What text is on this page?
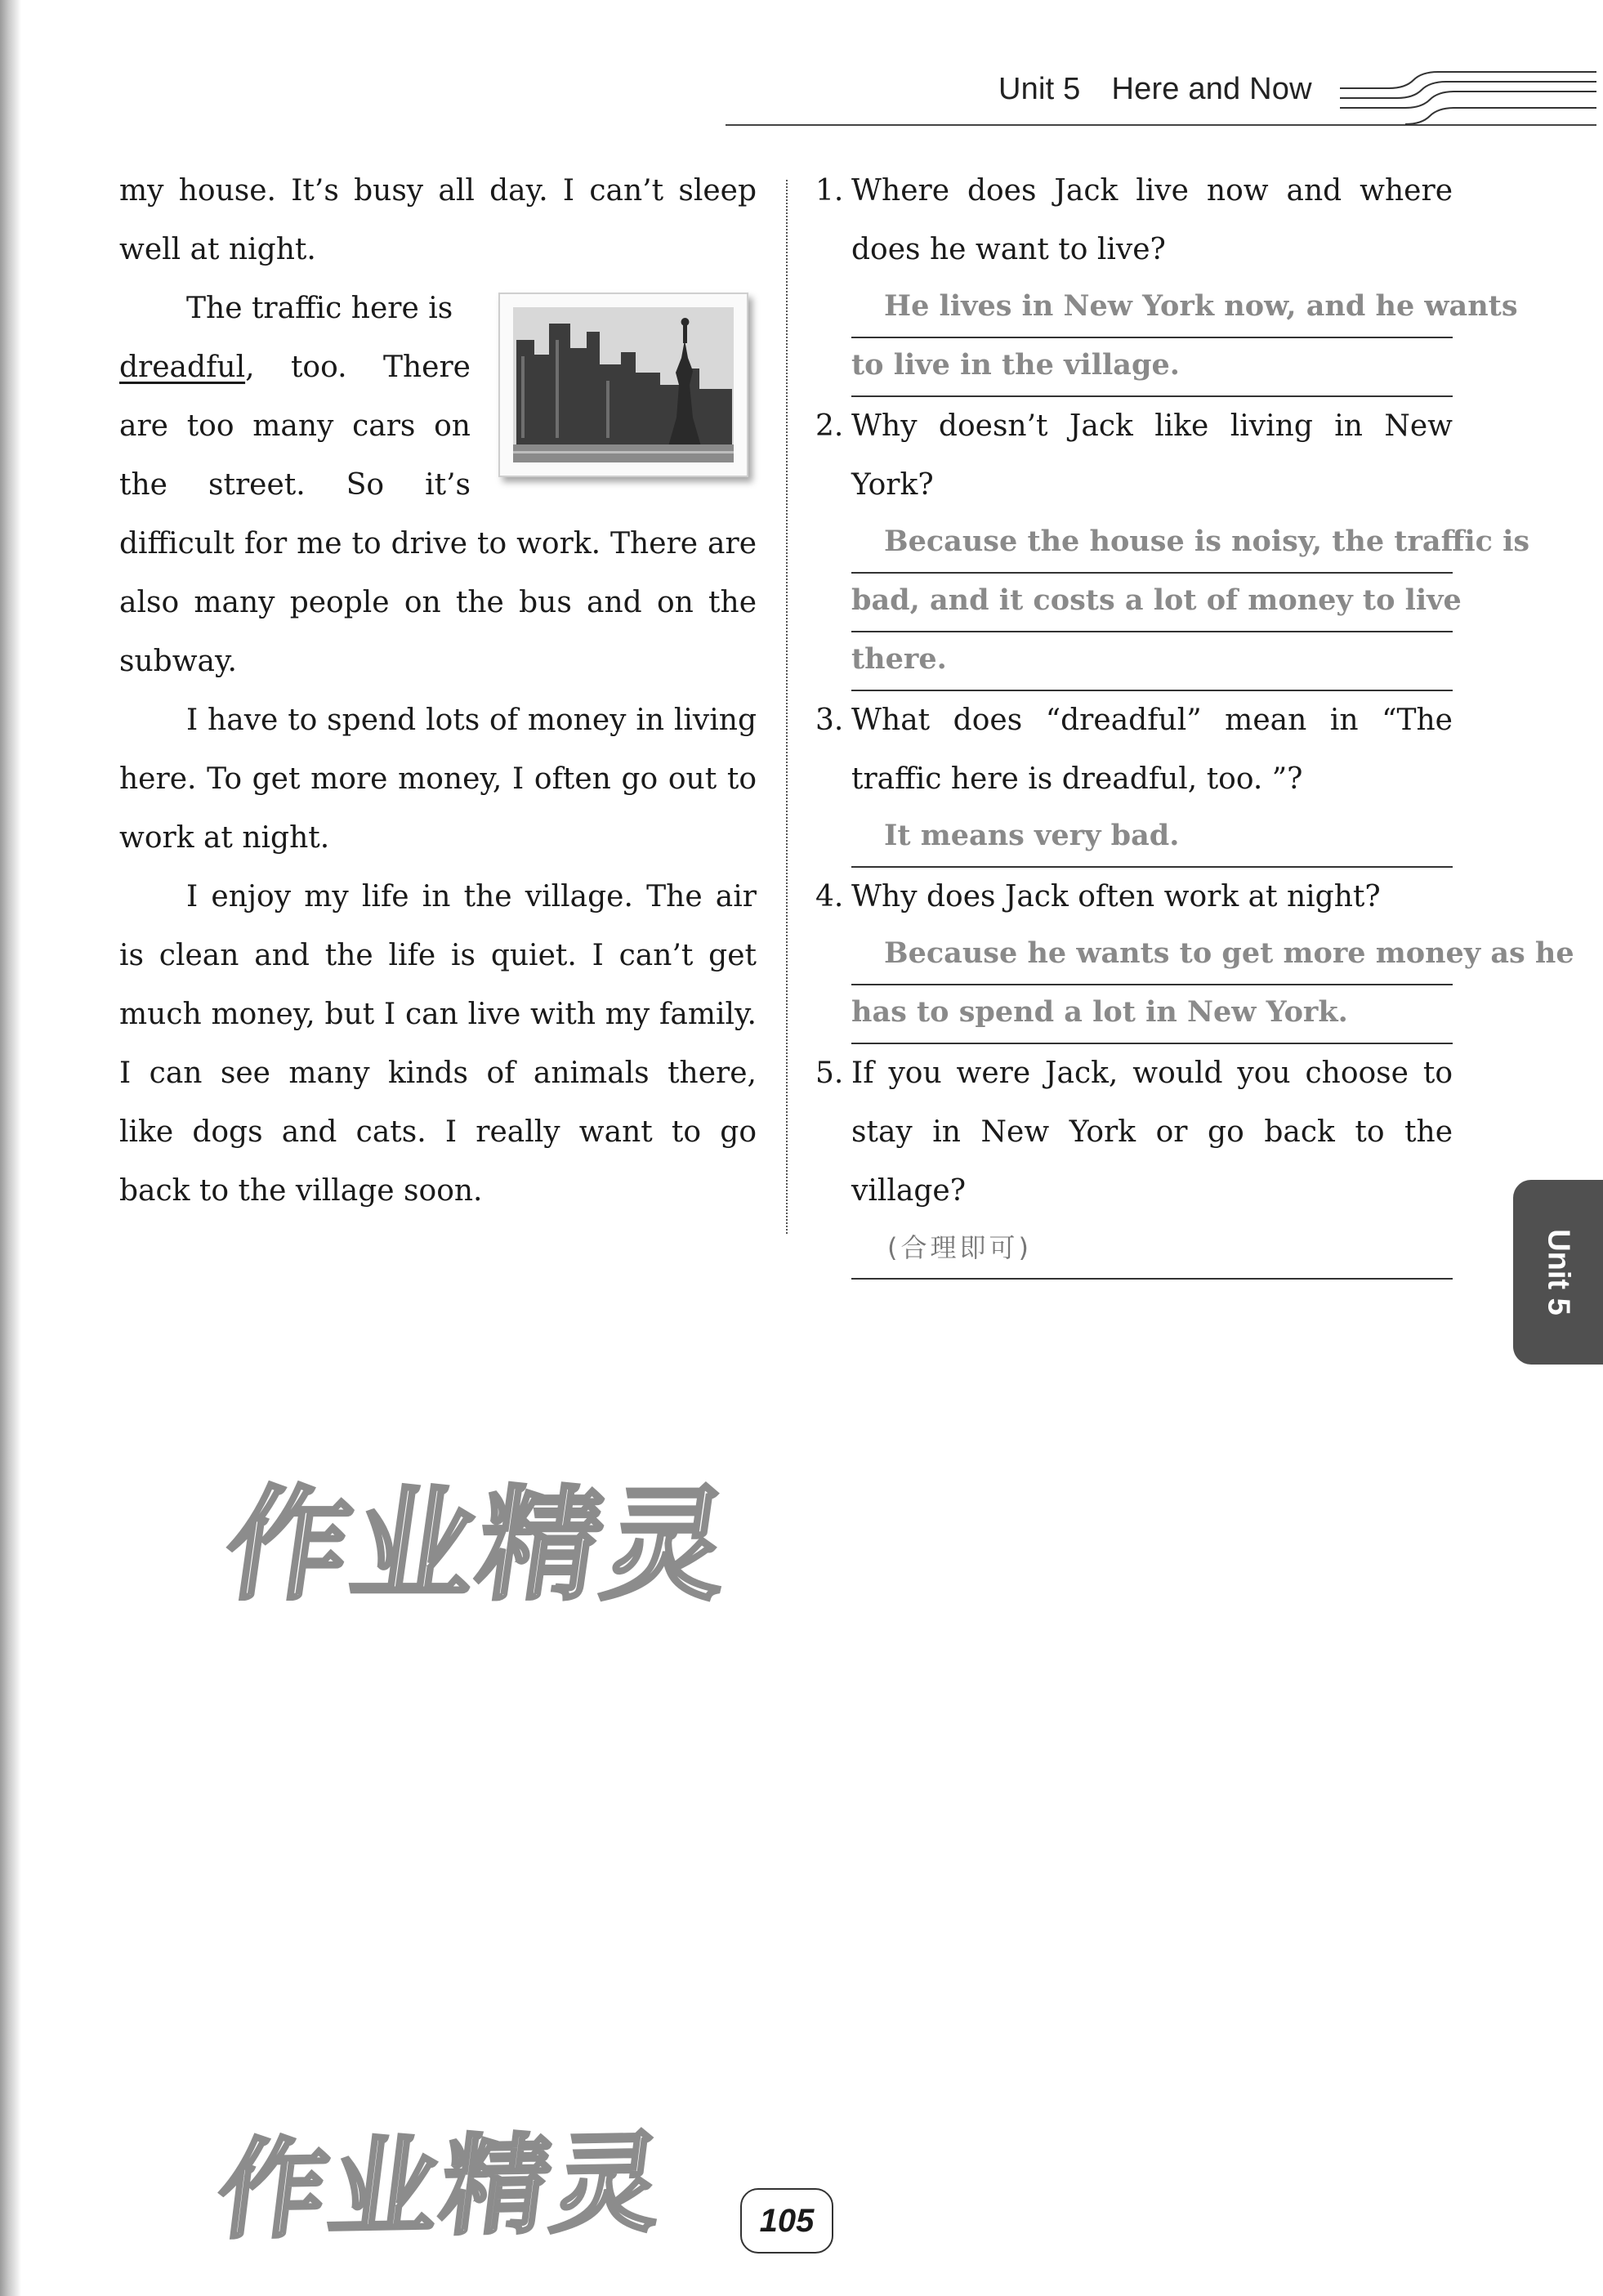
Unit 5 Here and Now

my house. It’s busy all day. I can’t sleep well at night.

The traffic here is
dreadful, too. There are too many cars on the street. So it’s difficult for me to drive to work. There are also many people on the bus and on the subway.

I have to spend lots of money in living here. To get more money, I often go out to work at night.

I enjoy my life in the village. The air is clean and the life is quiet. I can’t get much money, but I can live with my family. I can see many kinds of animals there, like dogs and cats. I really want to go back to the village soon.

1. Where does Jack live now and where does he want to live?
He lives in New York now, and he wants
to live in the village.
2. Why doesn’t Jack like living in New York?
Because the house is noisy, the traffic is
bad, and it costs a lot of money to live
there.
3. What does “dreadful” mean in “The traffic here is dreadful, too. ”?
It means very bad.
4. Why does Jack often work at night?
Because he wants to get more money as he
has to spend a lot in New York.
5. If you were Jack, would you choose to stay in New York or go back to the village?
(合理即可)	Unit 5
作业精灵
作业精灵	105
